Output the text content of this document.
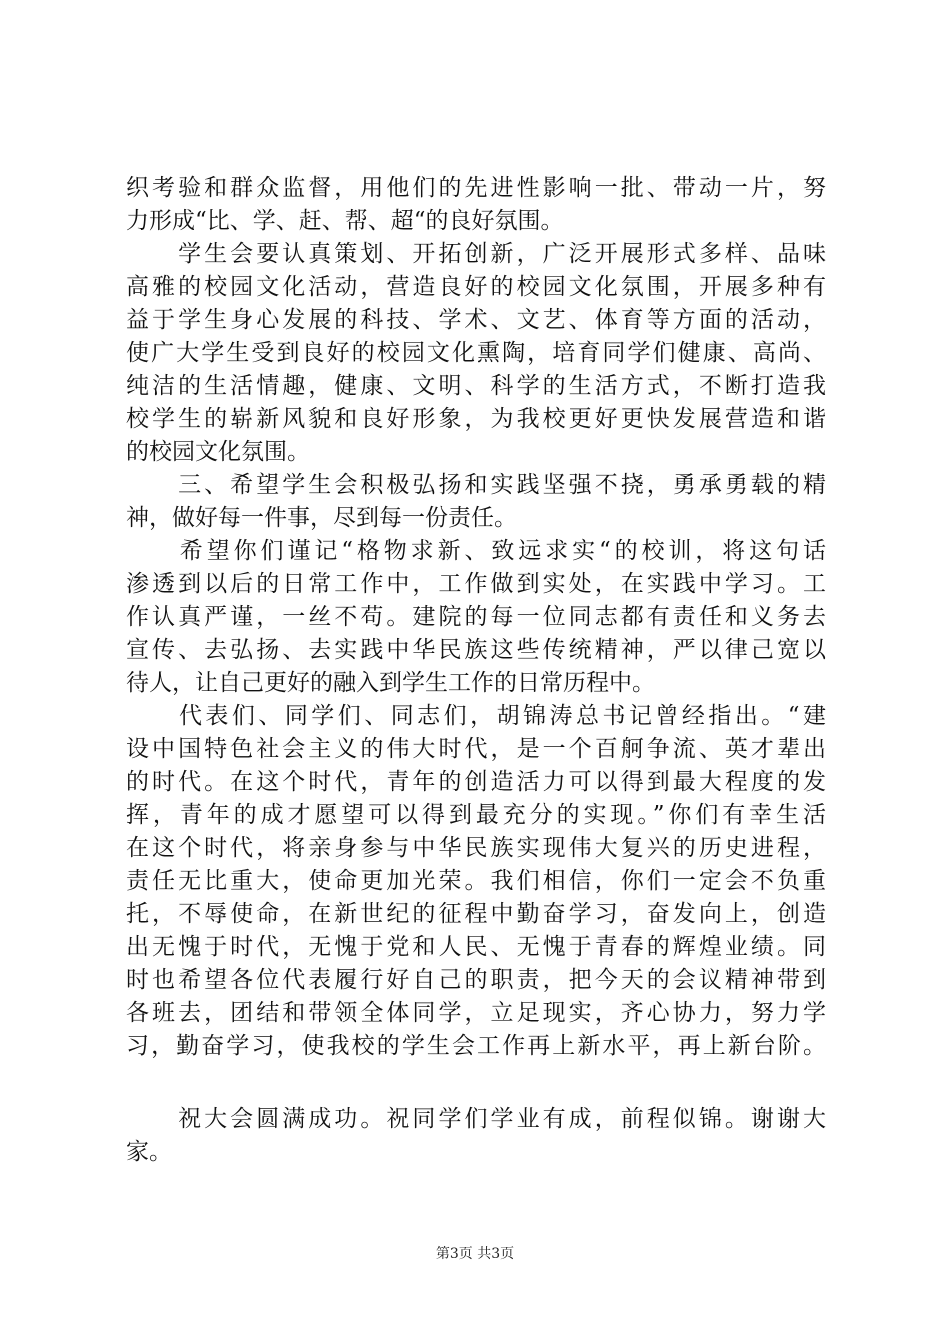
织考验和群众监督，用他们的先进性影响一批、带动一片，努
力形成“比、学、赶、帮、超“的良好氛围。
　　学生会要认真策划、开拓创新，广泛开展形式多样、品味
高雅的校园文化活动，营造良好的校园文化氛围，开展多种有
益于学生身心发展的科技、学术、文艺、体育等方面的活动，
使广大学生受到良好的校园文化熏陶，培育同学们健康、高尚、
纯洁的生活情趣，健康、文明、科学的生活方式，不断打造我
校学生的崭新风貌和良好形象，为我校更好更快发展营造和谐
的校园文化氛围。
　　三、希望学生会积极弘扬和实践坚强不挠，勇承勇载的精
神，做好每一件事，尽到每一份责任。
　　希望你们谨记“格物求新、致远求实“的校训，将这句话
渗透到以后的日常工作中，工作做到实处，在实践中学习。工
作认真严谨，一丝不苟。建院的每一位同志都有责任和义务去
宣传、去弘扬、去实践中华民族这些传统精神，严以律己宽以
待人，让自己更好的融入到学生工作的日常历程中。
　　代表们、同学们、同志们，胡锦涛总书记曾经指出。“建
设中国特色社会主义的伟大时代，是一个百舸争流、英才辈出
的时代。在这个时代，青年的创造活力可以得到最大程度的发
挥，青年的成才愿望可以得到最充分的实现。”你们有幸生活
在这个时代，将亲身参与中华民族实现伟大复兴的历史进程，
责任无比重大，使命更加光荣。我们相信，你们一定会不负重
托，不辱使命，在新世纪的征程中勤奋学习，奋发向上，创造
出无愧于时代，无愧于党和人民、无愧于青春的辉煌业绩。同
时也希望各位代表履行好自己的职责，把今天的会议精神带到
各班去，团结和带领全体同学，立足现实，齐心协力，努力学
习，勤奋学习，使我校的学生会工作再上新水平，再上新台阶。
　　祝大会圆满成功。祝同学们学业有成，前程似锦。谢谢大
家。
第3页 共3页
